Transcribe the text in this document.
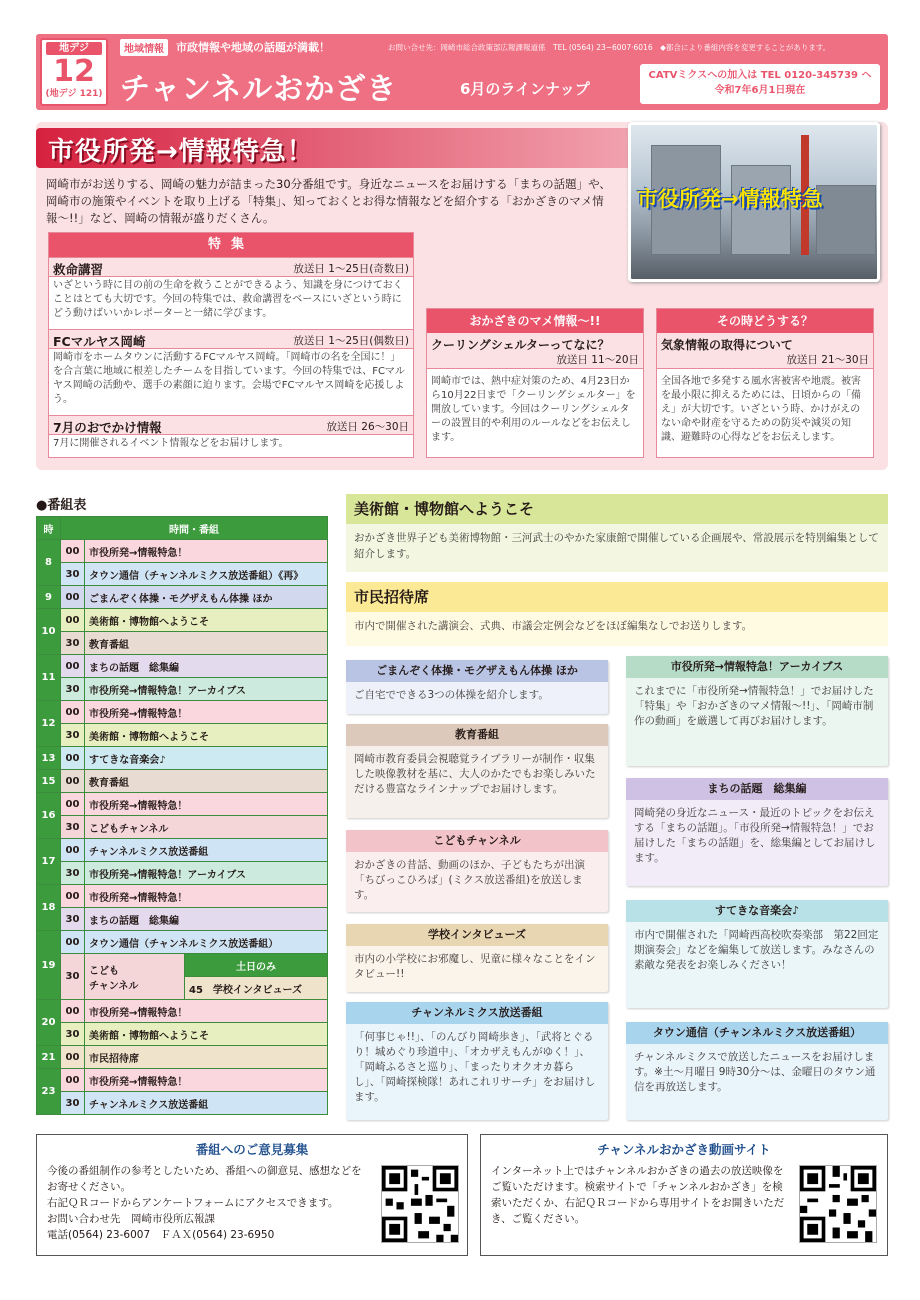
地デジ
12
(地デジ 121)
地域情報	市政情報や地域の話題が満載！	お問い合せ先：岡崎市総合政策部広報課報道係　TEL (0564) 23−6007·6016　◆都合により番組内容を変更することがあります。
チャンネルおかざき	6月のラインナップ
CATVミクスへの加入は TEL 0120-345739 へ
令和7年6月1日現在
市役所発→情報特急！
岡崎市がお送りする、岡崎の魅力が詰まった30分番組です。身近なニュースをお届けする「まちの話題」や、岡崎市の施策やイベントを取り上げる「特集」、知っておくとお得な情報などを紹介する「おかざきのマメ情報～!!」など、岡崎の情報が盛りだくさん。
市役所発→情報特急
特集
救命講習	放送日 1～25日(奇数日)
いざという時に目の前の生命を救うことができるよう、知識を身につけておくことはとても大切です。今回の特集では、救命講習をベースにいざという時にどう動けばいいかレポーターと一緒に学びます。
FCマルヤス岡崎	放送日 1～25日(偶数日)
岡崎市をホームタウンに活動するFCマルヤス岡崎。「岡崎市の名を全国に！」を合言葉に地域に根差したチームを目指しています。今回の特集では、FCマルヤス岡崎の活動や、選手の素顔に迫ります。会場でFCマルヤス岡崎を応援しよう。
7月のおでかけ情報	放送日 26～30日
7月に開催されるイベント情報などをお届けします。
おかざきのマメ情報～!!
クーリングシェルターってなに？
放送日 11～20日
岡崎市では、熱中症対策のため、4月23日から10月22日まで「クーリングシェルター」を開放しています。今回はクーリングシェルターの設置目的や利用のルールなどをお伝えします。
その時どうする？
気象情報の取得について
放送日 21～30日
全国各地で多発する風水害被害や地震。被害を最小限に抑えるためには、日頃からの「備え」が大切です。いざという時、かけがえのない命や財産を守るための防災や減災の知識、避難時の心得などをお伝えします。
●番組表
時	時間・番組		
8	00	市役所発→情報特急！	
	30	タウン通信（チャンネルミクス放送番組）《再》	
9	00	ごまんぞく体操・モグザえもん体操 ほか	
10	00	美術館・博物館へようこそ	
	30	教育番組	
11	00	まちの話題　総集編	
	30	市役所発→情報特急！アーカイブス	
12	00	市役所発→情報特急！	
	30	美術館・博物館へようこそ	
13	00	すてきな音楽会♪	
15	00	教育番組	
16	00	市役所発→情報特急！	
	30	こどもチャンネル	
17	00	チャンネルミクス放送番組	
	30	市役所発→情報特急！アーカイブス	
18	00	市役所発→情報特急！	
	30	まちの話題　総集編	
19	00	タウン通信（チャンネルミクス放送番組）	
	30	こども
チャンネル	土日のみ
			45　 学校インタビューズ
20	00	市役所発→情報特急！	
	30	美術館・博物館へようこそ	
21	00	市民招待席	
23	00	市役所発→情報特急！	
	30	チャンネルミクス放送番組	
美術館・博物館へようこそ
おかざき世界子ども美術博物館・三河武士のやかた家康館で開催している企画展や、常設展示を特別編集として紹介します。
市民招待席
市内で開催された講演会、式典、市議会定例会などをほぼ編集なしでお送りします。
ごまんぞく体操・モグザえもん体操 ほか
ご自宅でできる3つの体操を紹介します。
教育番組
岡崎市教育委員会視聴覚ライブラリーが制作・収集した映像教材を基に、大人のかたでもお楽しみいただける豊富なラインナップでお届けします。
こどもチャンネル
おかざきの昔話、動画のほか、子どもたちが出演「ちびっこひろば」(ミクス放送番組)を放送します。
学校インタビューズ
市内の小学校にお邪魔し、児童に様々なことをインタビュー!!
チャンネルミクス放送番組
「何事じゃ!!」、「のんびり岡崎歩き」、「武将とぐるり！城めぐり珍道中」、「オカザえもんがゆく！」、「岡崎ふるさと巡り」、「まったりオクオカ暮らし」、「岡崎探検隊！あれこれリサーチ」をお届けします。
市役所発→情報特急！アーカイブス
これまでに「市役所発→情報特急！」でお届けした「特集」や「おかざきのマメ情報～!!」、「岡崎市制作の動画」を厳選して再びお届けします。
まちの話題　総集編
岡崎発の身近なニュース・最近のトピックをお伝えする「まちの話題」。「市役所発→情報特急！」でお届けした「まちの話題」を、総集編としてお届けします。
すてきな音楽会♪
市内で開催された「岡崎西高校吹奏楽部　第22回定期演奏会」などを編集して放送します。みなさんの素敵な発表をお楽しみください！
タウン通信（チャンネルミクス放送番組）
チャンネルミクスで放送したニュースをお届けします。※土～月曜日 9時30分～は、金曜日のタウン通信を再放送します。
番組へのご意見募集
今後の番組制作の参考としたいため、番組への御意見、感想などをお寄せください。
右記ＱＲコードからアンケートフォームにアクセスできます。
お問い合わせ先　岡崎市役所広報課
電話(0564) 23-6007　ＦＡＸ(0564) 23-6950
チャンネルおかざき動画サイト
インターネット上ではチャンネルおかざきの過去の放送映像をご覧いただけます。検索サイトで「チャンネルおかざき」を検索いただくか、右記ＱＲコードから専用サイトをお開きいただき、ご覧ください。
